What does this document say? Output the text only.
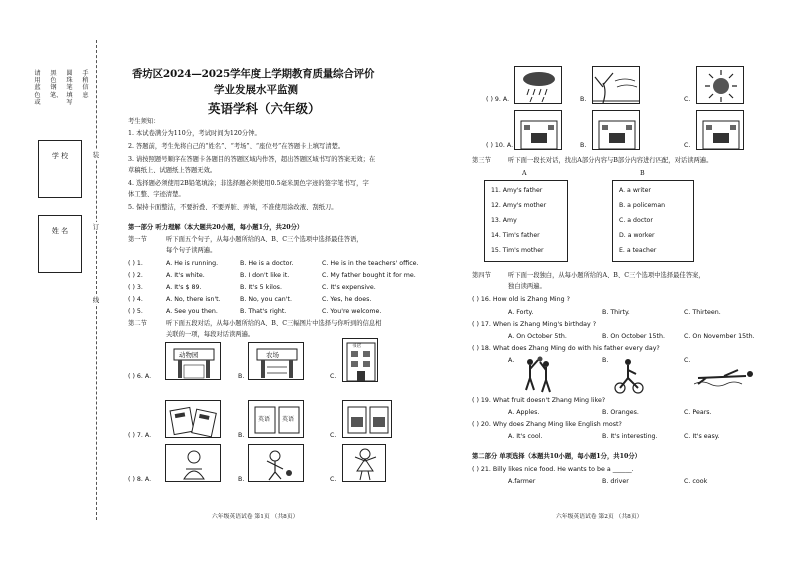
请用蓝色或
黑色钢笔、
圆珠笔填写
手稍信息
学 校
姓 名
装
订
线
香坊区2024—2025学年度上学期教育质量综合评价
学业发展水平监测
英语学科（六年级）
考生须知：
1. 本试卷满分为110分，考试时间为120分钟。
2. 答题前，考生先将自己的“姓名”、“考场”、“座位号”在答题卡上填写清楚。
3. 请按照题号顺序在答题卡各题目的答题区域内作答，超出答题区域书写的答案无效；在
草稿纸上、试题纸上答题无效。
4. 选择题必须使用2B铅笔填涂；非选择题必须使用0.5毫米黑色字迹的签字笔书写，字
体工整、字迹清楚。
5. 保持卡面整洁，不要折叠、不要弄脏、弄皱，不准使用涂改液、刮纸刀。
第一部分 听力理解（本大题共20小题，每小题1分，共20分）
第一节	听下面五个句子，从每小题所给的A、B、C三个选项中选择最佳答语，
每个句子读两遍。
( ) 1.	A. He is running.	B. He is a doctor.	C. He is in the teachers' office.
( ) 2.	A. It's white.	B. I don't like it.	C. My father bought it for me.
( ) 3.	A. It's $ 89.	B. It's 5 kilos.	C. It's expensive.
( ) 4.	A. No, there isn't.	B. No, you can't.	C. Yes, he does.
( ) 5.	A. See you then.	B. That's right.	C. You're welcome.
第二节	听下面五段对话，从每小题所给的A、B、C三幅图片中选择与你听到的信息相
关联的一项，每段对话读两遍。
( ) 6. A.
动物园
B.
农场
C.
书店
( ) 7. A.	B.
英语 英语
C.
( ) 8. A.	B.	C.
六年级英语试卷 第1页 （共8页）
( ) 9. A.	B.	C.
( ) 10. A.	B.	C.
第三节	听下面一段长对话，找出A部分内容与B部分内容进行匹配，对话读两遍。
A	B
11. Amy's father
12. Amy's mother
13. Amy
14. Tim's father
15. Tim's mother
A. a writer
B. a policeman
C. a doctor
D. a worker
E. a teacher
第四节	听下面一段独白，从每小题所给的A、B、C三个选项中选择最佳答案，
独白读两遍。
( ) 16. How old is Zhang Ming ?
A. Forty.	B. Thirty.	C. Thirteen.
( ) 17. When is Zhang Ming's birthday ?
A. On October 5th.	B. On October 15th.	C. On November 15th.
( ) 18. What does Zhang Ming do with his father every day?
A.	B.	C.
( ) 19. What fruit doesn't Zhang Ming like?
A. Apples.	B. Oranges.	C. Pears.
( ) 20. Why does Zhang Ming like English most?
A. It's cool.	B. It's interesting.	C. It's easy.
第二部分 单项选择（本题共10小题，每小题1分，共10分）
( ) 21. Billy likes nice food. He wants to be a ______.
A.farmer	B. driver	C. cook
六年级英语试卷 第2页 （共8页）
